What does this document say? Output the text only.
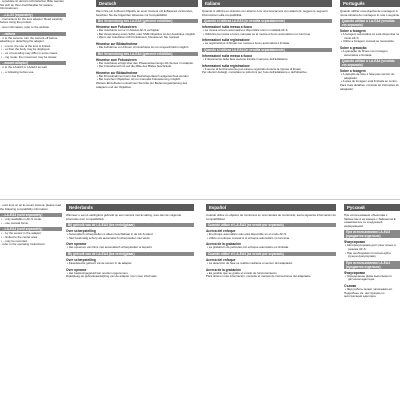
...tprodukte ist derzeit nicht lieferbar. Bitte wenden Sie sich an Ihren Fachhändler für weitere Informationen.
...LA-X3 (separately)
...instructions for the lens adaptor. Read carefully before using the product.
...lens information, refer to the website.
...rations
...n to the camera, turn the camera off before attaching or detaching the adaptor.
• ...e lens, the use of the lens is limited.
• ...er than the body may be displayed.
• ...ce of recording may differ in some cases.
• ...ing mode, the movement may be slower.
...mount adaptor)
...n to the LA-EA3 or LA-EA1 as well.
• ...e following before use.
Deutsch
Wenn Sie ein A-Mount-Objektiv an einer Kamera mit E-Bajonett verwenden, beachten Sie die folgenden Hinweise zur Kompatibilität.
Bei Verwendung des LA-EA3 (getrennt erhältlich)
Hinweise zum Fokussieren
• Der Autofokus ist nur im Modus AF-S verfügbar.
• Bei Verwendung eines SAM- oder SSM-Objektivs ist der Autofokus möglich.
• Wenn der Autofokus nicht funktioniert, fokussieren Sie manuell.
Hinweise zur Bildaufnahme
• Die Aufnahme von Filmen mit Autofokus ist nur eingeschränkt möglich.
Bei Verwendung des LA-EA4 (getrennt erhältlich)
Hinweise zum Fokussieren
• Der Autofokus erfolgt über den Phasenerkennungs-AF-Sensor im Adapter.
• Der Fokusbereich ist auf die Mitte des Bildes beschränkt.
Hinweise zur Bildaufnahme
• Bei Filmaufnahmen kann das Betriebsgeräusch aufgezeichnet werden.
• Bei manchen Objektiven ist nur manuelle Fokussierung möglich.
Weitere Einzelheiten entnehmen Sie bitte der Bedienungsanleitung des Adapters und der Objektive.
Italiano
Quando si utilizza un obiettivo con attacco A su una fotocamera con attacco E, leggere le seguenti informazioni sulla compatibilità.
Quando si utilizza LA-EA3 (in vendita separatamente)
Informazioni sulla messa a fuoco
• La messa a fuoco automatica è disponibile solo in modalità AF-S.
• Utilizzare la messa a fuoco manuale se la messa a fuoco automatica non funziona.
Informazioni sulla registrazione
• La registrazione di filmati con messa a fuoco automatica è limitata.
Quando si utilizza LA-EA4 (in vendita separatamente)
Informazioni sulla messa a fuoco
• Il rilevamento della fase avviene tramite il sensore dell'adattatore.
Informazioni sulla registrazione
• Il suono di funzionamento può essere registrato durante la ripresa di filmati.
Per ulteriori dettagli, consultare le istruzioni per l'uso dell'adattatore e dell'obiettivo.
Português
Quando utilizar uma objetiva de montagem A numa câmara de montagem E, leia o seguinte.
Quando utilizar o LA-EA3 (vendido em separado)
Sobre a focagem
• A focagem automática só está disponível no modo AF-S.
• Utilize a focagem manual se necessário.
Sobre a gravação
• A gravação de filmes com focagem automática é limitada.
Quando utilizar o LA-EA4 (vendido em separado)
Sobre a focagem
• A deteção de fase é feita pelo sensor do adaptador.
• A área de focagem está limitada ao centro.
Para mais detalhes, consulte as instruções do adaptador.
...ount lens on an E-mount camera, please read the following compatibility information.
...LA-EA3 (sold separately)
• ...only available in AF-S mode.
• ...use manual focus.
...LA-EA4 (sold separately)
• ...by the sensor in the adaptor.
• ...limited to the center area.
• ...may be recorded.
...refer to the operating instructions.
Nederlands
Wanneer u een A-vattinglens gebruikt op een camera met E-vatting, lees dan de volgende informatie over compatibiliteit.
Bij gebruik van de LA-EA3 (los verkrijgbaar)
Over scherpstelling
• Automatisch scherpstellen is alleen beschikbaar in de AF-S-stand.
• Stel handmatig scherp als automatisch scherpstellen niet werkt.
Over opname
• Het opnemen van films met automatisch scherpstellen is beperkt.
Bij gebruik van de LA-EA4 (los verkrijgbaar)
Over scherpstelling
• Fasedetectie gebeurt via de sensor in de adapter.
Over opname
• Het bedieningsgeluid kan worden opgenomen.
Raadpleeg de gebruiksaanwijzing van de adapter voor meer informatie.
Español
Cuando utilice un objetivo de montura A en una cámara de montura E, lea la siguiente información de compatibilidad.
Cuando utilice el LA-EA3 (se vende por separado)
Acerca del enfoque
• El enfoque automático solo está disponible en el modo AF-S.
• Utilice el enfoque manual si el enfoque automático no funciona.
Acerca de la grabación
• La grabación de películas con enfoque automático es limitada.
Cuando utilice el LA-EA4 (se vende por separado)
Acerca del enfoque
• La detección de fase se realiza mediante el sensor del adaptador.
Acerca de la grabación
• Es posible que se grabe el sonido de funcionamiento.
Para obtener más información, consulte el manual de instrucciones del adaptador.
Русский
При использовании объектива с байонетом A на камере с байонетом E ознакомьтесь со следующей информацией.
При использовании LA-EA3 (продается отдельно)
Фокусировка
• Автофокусировка доступна только в режиме AF-S.
• При необходимости используйте ручную фокусировку.
При использовании LA-EA4 (продается отдельно)
Фокусировка
• Определение фазы выполняется датчиком адаптера.
Съемка
• Звук работы может записываться.
Подробнее см. инструкцию по эксплуатации адаптера.
